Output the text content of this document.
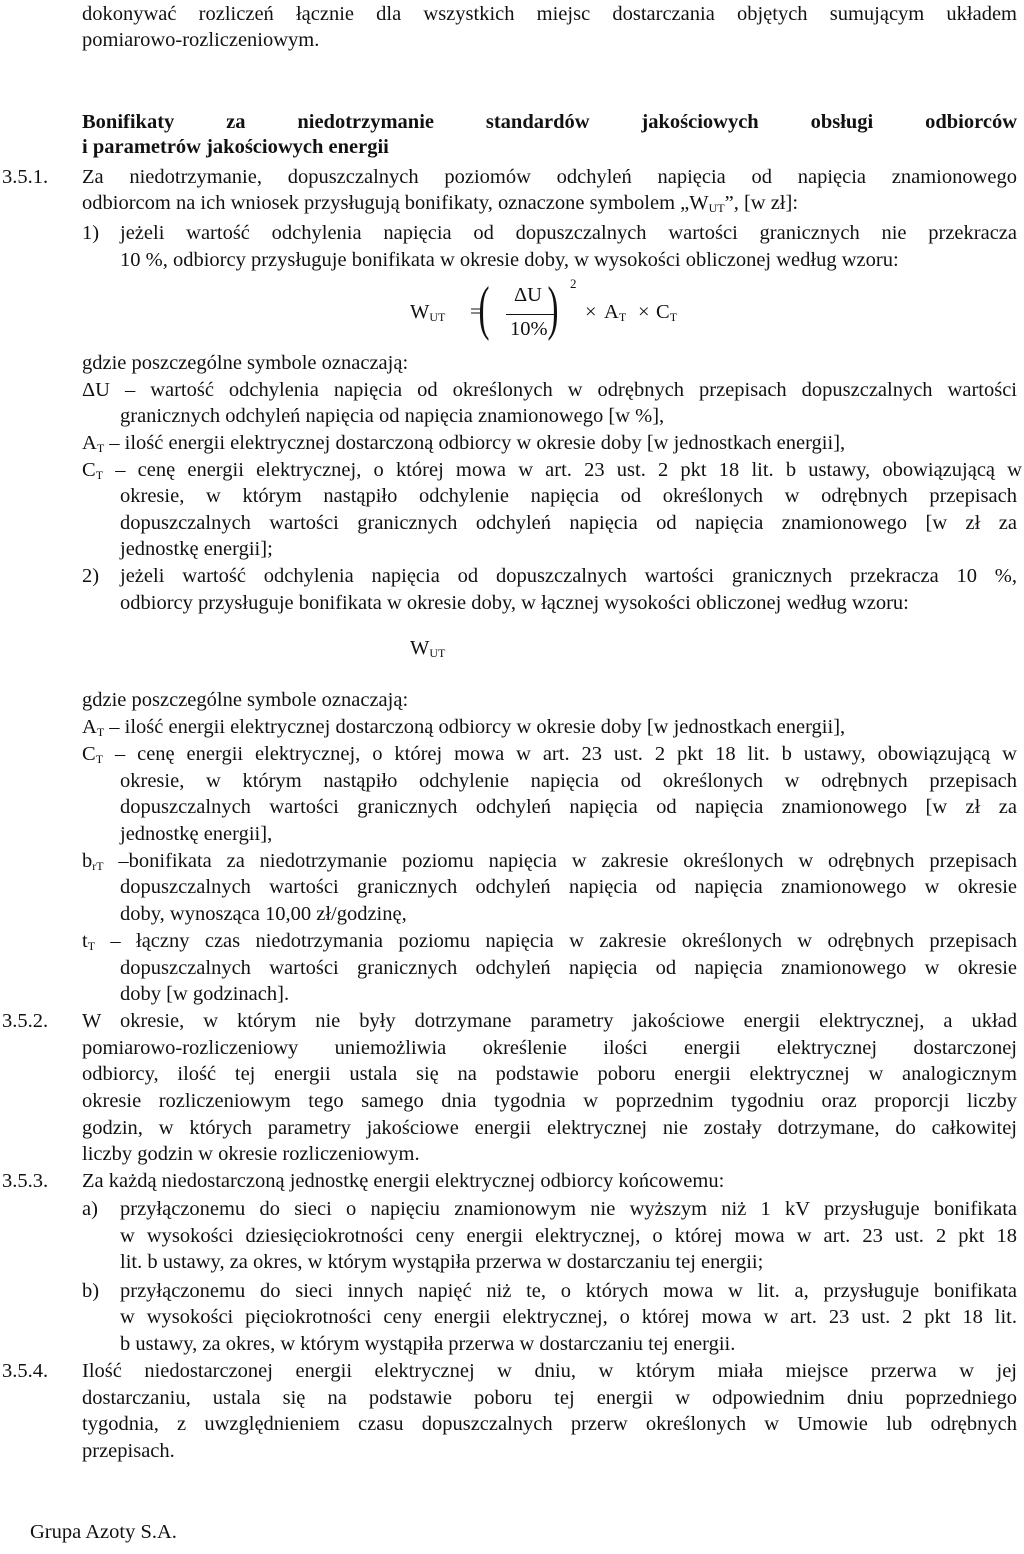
dokonywać rozliczeń łącznie dla wszystkich miejsc dostarczania objętych sumującym układem
pomiarowo-rozliczeniowym.
Bonifikaty za niedotrzymanie standardów jakościowych obsługi odbiorców
i parametrów jakościowych energii
3.5.1. Za niedotrzymanie, dopuszczalnych poziomów odchyleń napięcia od napięcia znamionowego
odbiorcom na ich wniosek przysługują bonifikaty, oznaczone symbolem $„W_{UT}$”, [w zł]:
1) jeżeli wartość odchylenia napięcia od dopuszczalnych wartości granicznych nie przekracza
10 %, odbiorcy przysługuje bonifikata w okresie doby, w wysokości obliczonej według wzoru:
$W_{UT}$ =
( ΔU
10% ) 2
× $A_T \times C_T$
gdzie poszczególne symbole oznaczają:
ΔU – wartość odchylenia napięcia od określonych w odrębnych przepisach dopuszczalnych wartości
granicznych odchyleń napięcia od napięcia znamionowego [w %],
$A_T$ – ilość energii elektrycznej dostarczoną odbiorcy w okresie doby [w jednostkach energii],
$C_T$ – cenę energii elektrycznej, o której mowa w art. 23 ust. 2 pkt 18 lit. b ustawy, obowiązującą w
okresie, w którym nastąpiło odchylenie napięcia od określonych w odrębnych przepisach
dopuszczalnych wartości granicznych odchyleń napięcia od napięcia znamionowego [w zł za
jednostkę energii];
2) jeżeli wartość odchylenia napięcia od dopuszczalnych wartości granicznych przekracza 10 %,
odbiorcy przysługuje bonifikata w okresie doby, w łącznej wysokości obliczonej według wzoru:
$W_{UT}$
gdzie poszczególne symbole oznaczają:
$A_T$ – ilość energii elektrycznej dostarczoną odbiorcy w okresie doby [w jednostkach energii],
$C_T$ – cenę energii elektrycznej, o której mowa w art. 23 ust. 2 pkt 18 lit. b ustawy, obowiązującą w
okresie, w którym nastąpiło odchylenie napięcia od określonych w odrębnych przepisach
dopuszczalnych wartości granicznych odchyleń napięcia od napięcia znamionowego [w zł za
jednostkę energii],
$b_{rT}$ –bonifikata za niedotrzymanie poziomu napięcia w zakresie określonych w odrębnych przepisach
dopuszczalnych wartości granicznych odchyleń napięcia od napięcia znamionowego w okresie
doby, wynosząca 10,00 zł/godzinę,
$t_T$ – łączny czas niedotrzymania poziomu napięcia w zakresie określonych w odrębnych przepisach
dopuszczalnych wartości granicznych odchyleń napięcia od napięcia znamionowego w okresie
doby [w godzinach].
3.5.2. W okresie, w którym nie były dotrzymane parametry jakościowe energii elektrycznej, a układ
pomiarowo-rozliczeniowy uniemożliwia określenie ilości energii elektrycznej dostarczonej
odbiorcy, ilość tej energii ustala się na podstawie poboru energii elektrycznej w analogicznym
okresie rozliczeniowym tego samego dnia tygodnia w poprzednim tygodniu oraz proporcji liczby
godzin, w których parametry jakościowe energii elektrycznej nie zostały dotrzymane, do całkowitej
liczby godzin w okresie rozliczeniowym.
3.5.3. Za każdą niedostarczoną jednostkę energii elektrycznej odbiorcy końcowemu:
a) przyłączonemu do sieci o napięciu znamionowym nie wyższym niż 1 kV przysługuje bonifikata
w wysokości dziesięciokrotności ceny energii elektrycznej, o której mowa w art. 23 ust. 2 pkt 18
lit. b ustawy, za okres, w którym wystąpiła przerwa w dostarczaniu tej energii;
b) przyłączonemu do sieci innych napięć niż te, o których mowa w lit. a, przysługuje bonifikata
w wysokości pięciokrotności ceny energii elektrycznej, o której mowa w art. 23 ust. 2 pkt 18 lit.
b ustawy, za okres, w którym wystąpiła przerwa w dostarczaniu tej energii.
3.5.4. Ilość niedostarczonej energii elektrycznej w dniu, w którym miała miejsce przerwa w jej
dostarczaniu, ustala się na podstawie poboru tej energii w odpowiednim dniu poprzedniego
tygodnia, z uwzględnieniem czasu dopuszczalnych przerw określonych w Umowie lub odrębnych
przepisach.
Grupa Azoty S.A.
